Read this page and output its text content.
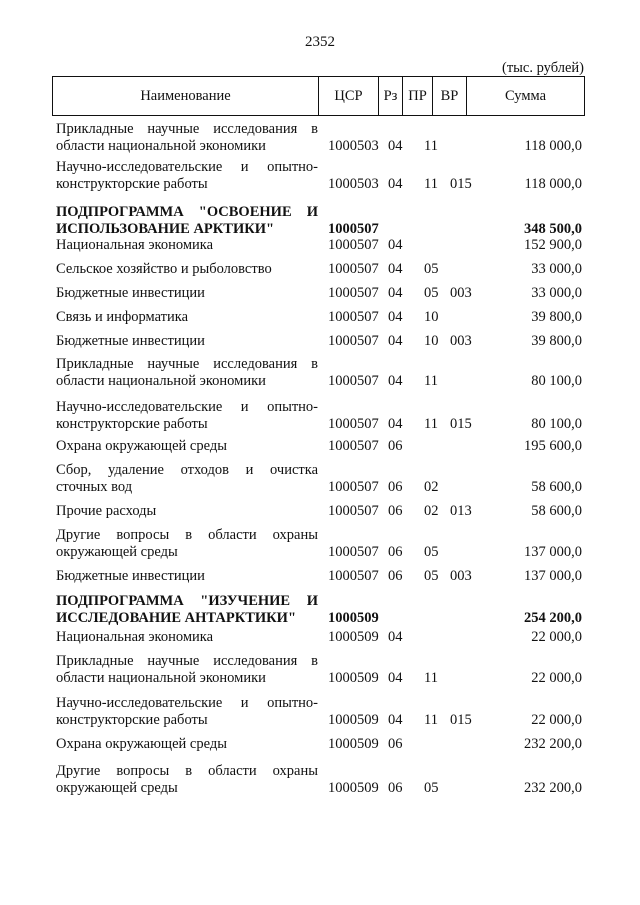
2352
(тыс. рублей)
Наименование	ЦСР	Рз ПР ВР	Сумма
Прикладные научные исследования в области национальной экономики	1000503 04 11	118 000,0
Научно-исследовательские и опытно-конструкторские работы	1000503 04 11 015	118 000,0
ПОДПРОГРАММА "ОСВОЕНИЕ И ИСПОЛЬЗОВАНИЕ АРКТИКИ"	1000507	348 500,0
Национальная экономика	1000507 04	152 900,0
Сельское хозяйство и рыболовство	1000507 04 05	33 000,0
Бюджетные инвестиции	1000507 04 05 003	33 000,0
Связь и информатика	1000507 04 10	39 800,0
Бюджетные инвестиции	1000507 04 10 003	39 800,0
Прикладные научные исследования в области национальной экономики	1000507 04 11	80 100,0
Научно-исследовательские и опытно-конструкторские работы	1000507 04 11 015	80 100,0
Охрана окружающей среды	1000507 06	195 600,0
Сбор, удаление отходов и очистка сточных вод	1000507 06 02	58 600,0
Прочие расходы	1000507 06 02 013	58 600,0
Другие вопросы в области охраны окружающей среды	1000507 06 05	137 000,0
Бюджетные инвестиции	1000507 06 05 003	137 000,0
ПОДПРОГРАММА "ИЗУЧЕНИЕ И ИССЛЕДОВАНИЕ АНТАРКТИКИ"	1000509	254 200,0
Национальная экономика	1000509 04	22 000,0
Прикладные научные исследования в области национальной экономики	1000509 04 11	22 000,0
Научно-исследовательские и опытно-конструкторские работы	1000509 04 11 015	22 000,0
Охрана окружающей среды	1000509 06	232 200,0
Другие вопросы в области охраны окружающей среды	1000509 06 05	232 200,0
